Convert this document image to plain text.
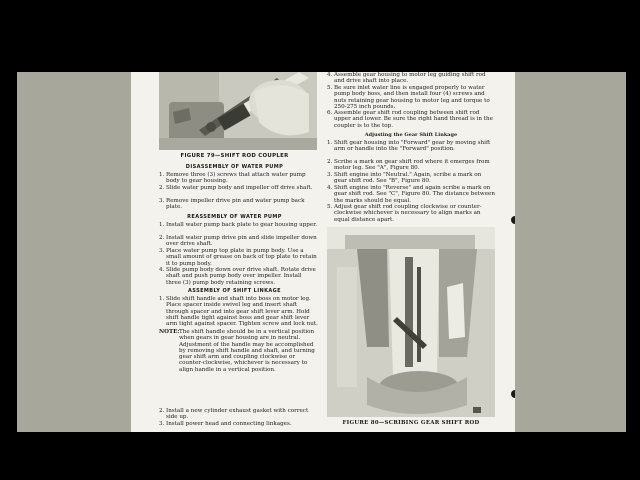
FIGURE 79—SHIFT ROD COUPLER
DISASSEMBLY OF WATER PUMP
1. Remove three (3) screws that attach water pump body to gear housing.
2. Slide water pump body and impeller off drive shaft.
3. Remove impeller drive pin and water pump back plate.
REASSEMBLY OF WATER PUMP
1. Install water pump back plate to gear housing upper.
2. Install water pump drive pin and slide impeller down over drive shaft.
3. Place water pump top plate in pump body. Use a small amount of grease on back of top plate to retain it to pump body.
4. Slide pump body down over drive shaft. Rotate drive shaft and push pump body over impeller. Install three (3) pump body retaining screws.
ASSEMBLY OF SHIFT LINKAGE
1. Slide shift handle and shaft into boss on motor leg. Place spacer inside swivel leg and insert shaft through spacer and into gear shift lever arm. Hold shift handle tight against boss and gear shift lever arm tight against spacer. Tighten screw and lock nut.
NOTE: The shift handle should be in a vertical position when gears in gear housing are in neutral. Adjustment of the handle may be accomplished by removing shift handle and shaft, and turning gear shift arm and coupling clockwise or counter-clockwise, whichever is necessary to align handle in a vertical position.
2. Install a new cylinder exhaust gasket with correct side up.
3. Install power head and connecting linkages.
4. Assemble gear housing to motor leg guiding shift rod and drive shaft into place.
5. Be sure inlet water line is engaged properly to water pump body boss, and then install four (4) screws and nuts retaining gear housing to motor leg and torque to 250-275 inch pounds.
6. Assemble gear shift rod coupling between shift rod upper and lower. Be sure the right hand thread is in the coupler is to the top.
Adjusting the Gear Shift Linkage
1. Shift gear housing into "Forward" gear by moving shift arm or handle into the "Forward" position.
2. Scribe a mark on gear shift rod where it emerges from motor leg. See "A", Figure 80.
3. Shift engine into "Neutral." Again, scribe a mark on gear shift rod. See "B", Figure 80.
4. Shift engine into "Reverse" and again scribe a mark on gear shift rod. See "C", Figure 80. The distance between the marks should be equal.
5. Adjust gear shift rod coupling clockwise or counter-clockwise whichever is necessary to align marks an equal distance apart.
FIGURE 80—SCRIBING GEAR SHIFT ROD
